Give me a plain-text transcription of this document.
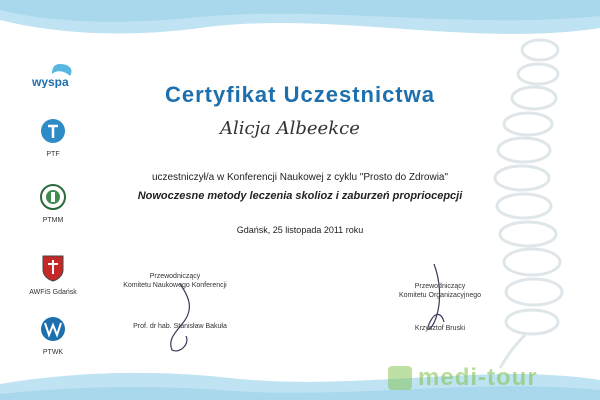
wyspa
PTF
PTMM
AWFiS Gdańsk
PTWK
Certyfikat Uczestnictwa
Alicja Albeekce
uczestniczył/a w Konferencji Naukowej z cyklu "Prosto do Zdrowia"
Nowoczesne metody leczenia skolioz i zaburzeń propriocepcji
Gdańsk, 25 listopada 2011 roku
Przewodniczący
Komitetu Naukowego Konferencji
Prof. dr hab. Stanisław Bakuła
Przewodniczący
Komitetu Organizacyjnego
Krzysztof Bruski
medi-tour
